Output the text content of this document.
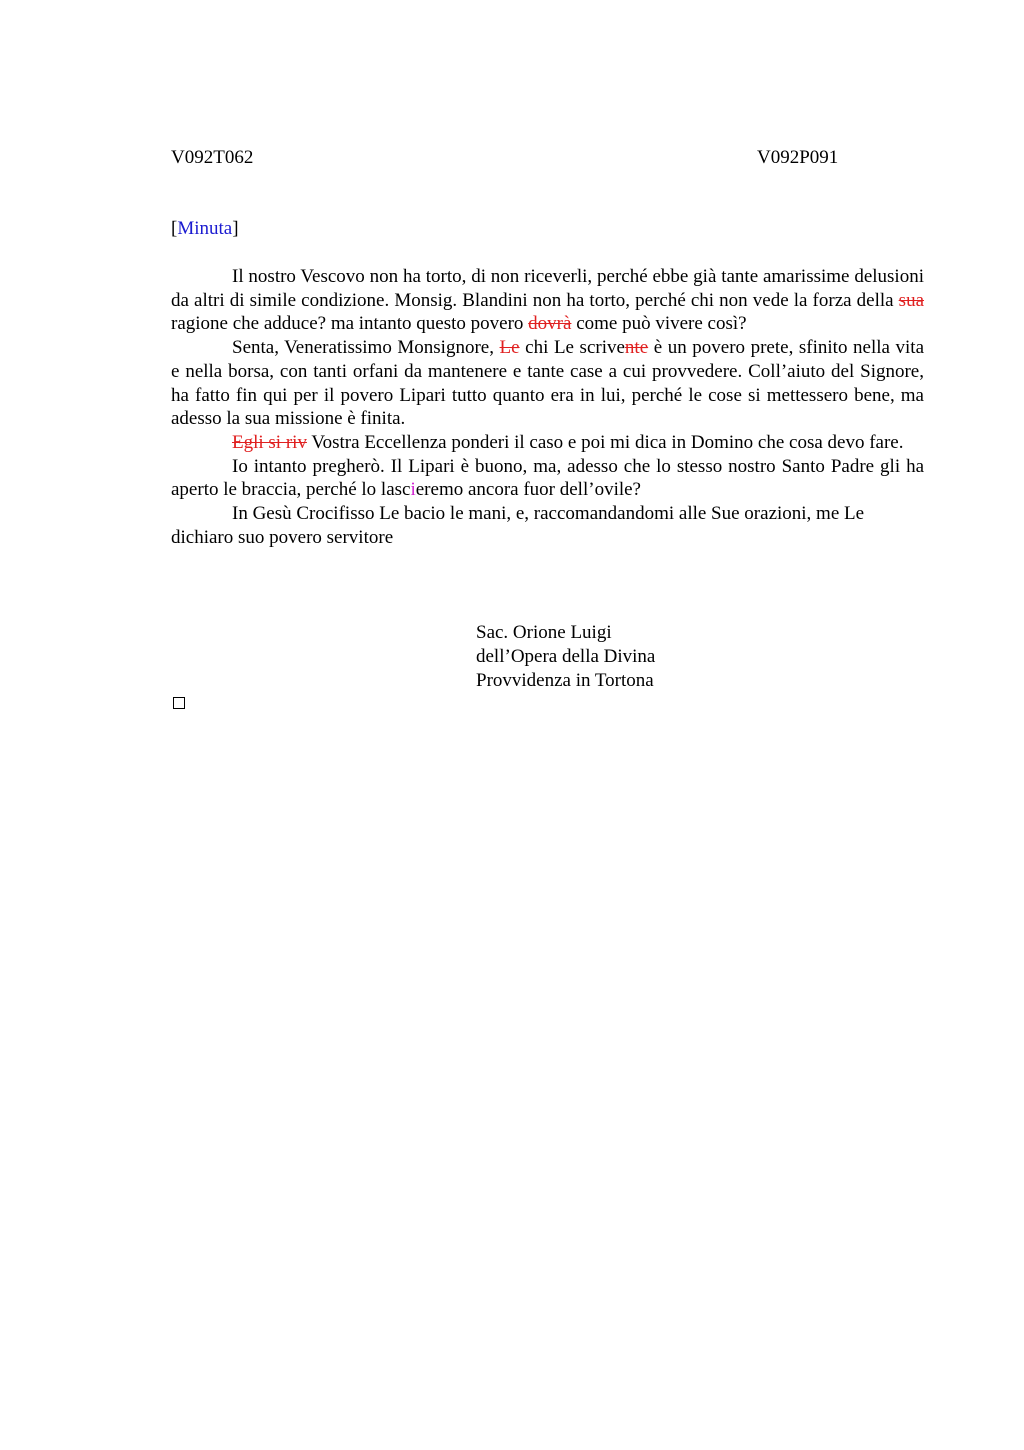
V092T062	V092P091
[Minuta]

Il nostro Vescovo non ha torto, di non riceverli, perché ebbe già tante amarissime delusioni da altri di simile condizione. Monsig. Blandini non ha torto, perché chi non vede la forza della sua ragione che adduce? ma intanto questo povero dovrà come può vivere così?

Senta, Veneratissimo Monsignore, Le chi Le scrivente è un povero prete, sfinito nella vita e nella borsa, con tanti orfani da mantenere e tante case a cui provvedere. Coll’aiuto del Signore, ha fatto fin qui per il povero Lipari tutto quanto era in lui, perché le cose si mettessero bene, ma adesso la sua missione è finita.

Egli si riv Vostra Eccellenza ponderi il caso e poi mi dica in Domino che cosa devo fare.

Io intanto pregherò. Il Lipari è buono, ma, adesso che lo stesso nostro Santo Padre gli ha aperto le braccia, perché lo lascieremo ancora fuor dell’ovile?

In Gesù Crocifisso Le bacio le mani, e, raccomandandomi alle Sue orazioni, me Le dichiaro suo povero servitore

Sac. Orione Luigi
dell’Opera della Divina
Provvidenza in Tortona
